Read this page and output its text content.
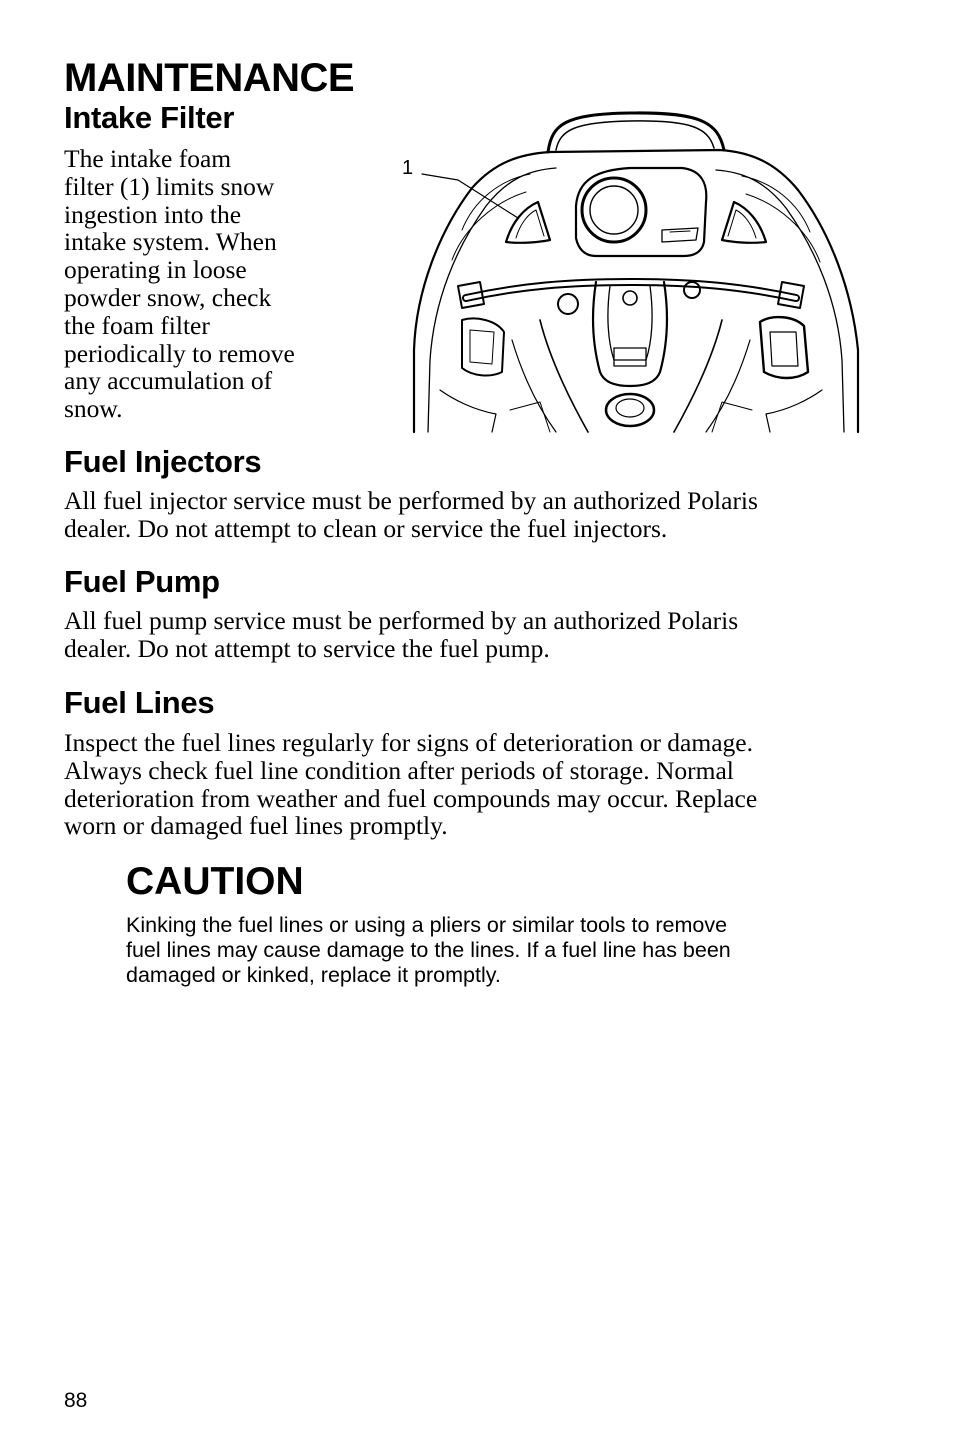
MAINTENANCE
Intake Filter
The intake foam
filter (1) limits snow
ingestion into the
intake system. When
operating in loose
powder snow, check
the foam filter
periodically to remove
any accumulation of
snow.
1
Fuel Injectors
All fuel injector service must be performed by an authorized Polaris
dealer. Do not attempt to clean or service the fuel injectors.
Fuel Pump
All fuel pump service must be performed by an authorized Polaris
dealer. Do not attempt to service the fuel pump.
Fuel Lines
Inspect the fuel lines regularly for signs of deterioration or damage.
Always check fuel line condition after periods of storage. Normal
deterioration from weather and fuel compounds may occur. Replace
worn or damaged fuel lines promptly.
CAUTION
Kinking the fuel lines or using a pliers or similar tools to remove
fuel lines may cause damage to the lines. If a fuel line has been
damaged or kinked, replace it promptly.
88
